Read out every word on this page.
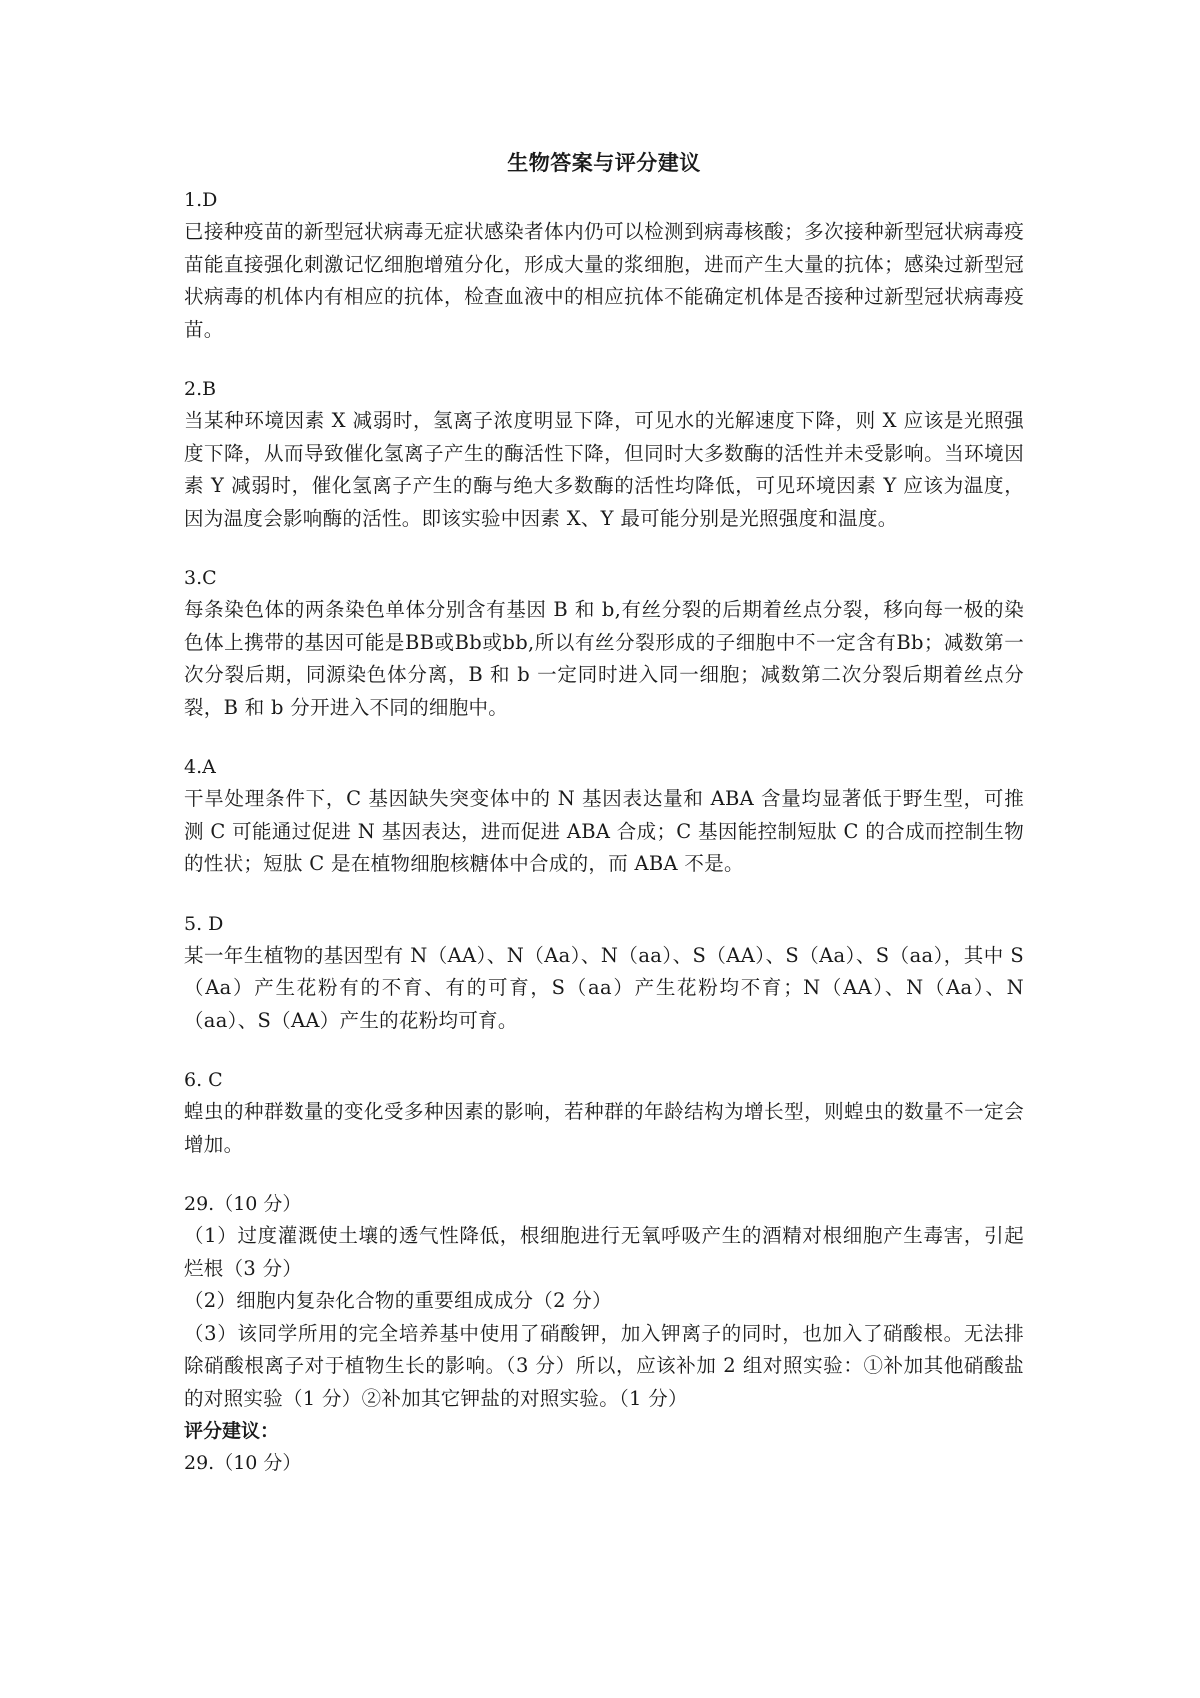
生物答案与评分建议

1.D

已接种疫苗的新型冠状病毒无症状感染者体内仍可以检测到病毒核酸；多次接种新型冠状病毒疫苗能直接强化刺激记忆细胞增殖分化，形成大量的浆细胞，进而产生大量的抗体；感染过新型冠状病毒的机体内有相应的抗体，检查血液中的相应抗体不能确定机体是否接种过新型冠状病毒疫苗。

2.B

当某种环境因素 X 减弱时，氢离子浓度明显下降，可见水的光解速度下降，则 X 应该是光照强度下降，从而导致催化氢离子产生的酶活性下降，但同时大多数酶的活性并未受影响。当环境因素 Y 减弱时，催化氢离子产生的酶与绝大多数酶的活性均降低，可见环境因素 Y 应该为温度，因为温度会影响酶的活性。即该实验中因素 X、Y 最可能分别是光照强度和温度。

3.C

每条染色体的两条染色单体分别含有基因 B 和 b,有丝分裂的后期着丝点分裂，移向每一极的染色体上携带的基因可能是BB或Bb或bb,所以有丝分裂形成的子细胞中不一定含有Bb；减数第一次分裂后期，同源染色体分离，B 和 b 一定同时进入同一细胞；减数第二次分裂后期着丝点分裂，B 和 b 分开进入不同的细胞中。

4.A

干旱处理条件下，C 基因缺失突变体中的 N 基因表达量和 ABA 含量均显著低于野生型，可推测 C 可能通过促进 N 基因表达，进而促进 ABA 合成；C 基因能控制短肽 C 的合成而控制生物的性状；短肽 C 是在植物细胞核糖体中合成的，而 ABA 不是。

5. D

某一年生植物的基因型有 N（AA）、N（Aa）、N（aa）、S（AA）、S（Aa）、S（aa），其中 S（Aa）产生花粉有的不育、有的可育，S（aa）产生花粉均不育；N（AA）、N（Aa）、N（aa）、S（AA）产生的花粉均可育。

6. C

蝗虫的种群数量的变化受多种因素的影响，若种群的年龄结构为增长型，则蝗虫的数量不一定会增加。

29.（10 分）

（1）过度灌溉使土壤的透气性降低，根细胞进行无氧呼吸产生的酒精对根细胞产生毒害，引起烂根（3 分）

（2）细胞内复杂化合物的重要组成成分（2 分）

（3）该同学所用的完全培养基中使用了硝酸钾，加入钾离子的同时，也加入了硝酸根。无法排除硝酸根离子对于植物生长的影响。（3 分）所以，应该补加 2 组对照实验：①补加其他硝酸盐的对照实验（1 分）②补加其它钾盐的对照实验。（1 分）

评分建议：

29.（10 分）
